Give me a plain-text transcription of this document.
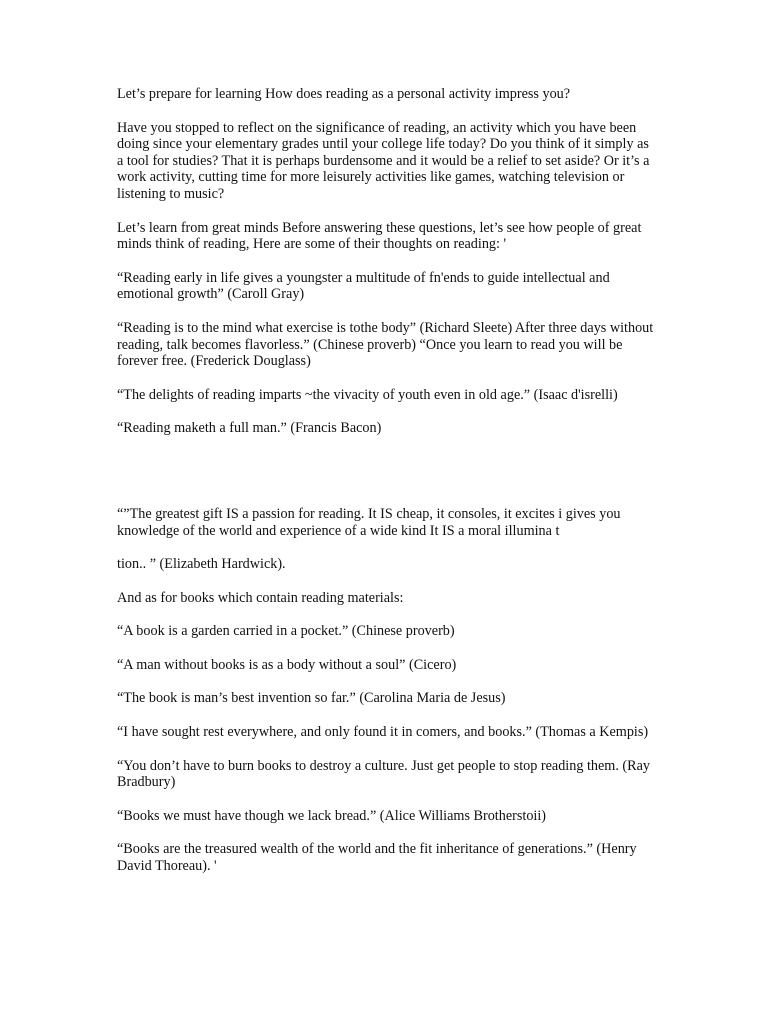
Let’s prepare for learning How does reading as a personal activity impress you?

Have you stopped to reflect on the significance of reading, an activity which you have been doing since your elementary grades until your college life today? Do you think of it simply as a tool for studies? That it is perhaps burdensome and it would be a relief to set aside? Or it’s a work activity, cutting time for more leisurely activities like games, watching television or listening to music?

Let’s learn from great minds Before answering these questions, let’s see how people of great minds think of reading, Here are some of their thoughts on reading: '

“Reading early in life gives a youngster a multitude of fn'ends to guide intellectual and emotional growth” (Caroll Gray)

“Reading is to the mind what exercise is tothe body” (Richard Sleete) After three days without reading, talk becomes flavorless.” (Chinese proverb) “Once you learn to read you will be forever free. (Frederick Douglass)

“The delights of reading imparts ~the vivacity of youth even in old age.” (Isaac d'isrelli)

“Reading maketh a full man.” (Francis Bacon)

“”The greatest gift IS a passion for reading. It IS cheap, it consoles, it excites i gives you knowledge of the world and experience of a wide kind It IS a moral illumina t

tion.. ” (Elizabeth Hardwick).

And as for books which contain reading materials:

“A book is a garden carried in a pocket.” (Chinese proverb)

“A man without books is as a body without a soul” (Cicero)

“The book is man’s best invention so far.” (Carolina Maria de Jesus)

“I have sought rest everywhere, and only found it in comers, and books.” (Thomas a Kempis)

“You don’t have to burn books to destroy a culture. Just get people to stop reading them. (Ray Bradbury)

“Books we must have though we lack bread.” (Alice Williams Brotherstoii)

“Books are the treasured wealth of the world and the fit inheritance of generations.” (Henry David Thoreau). '
